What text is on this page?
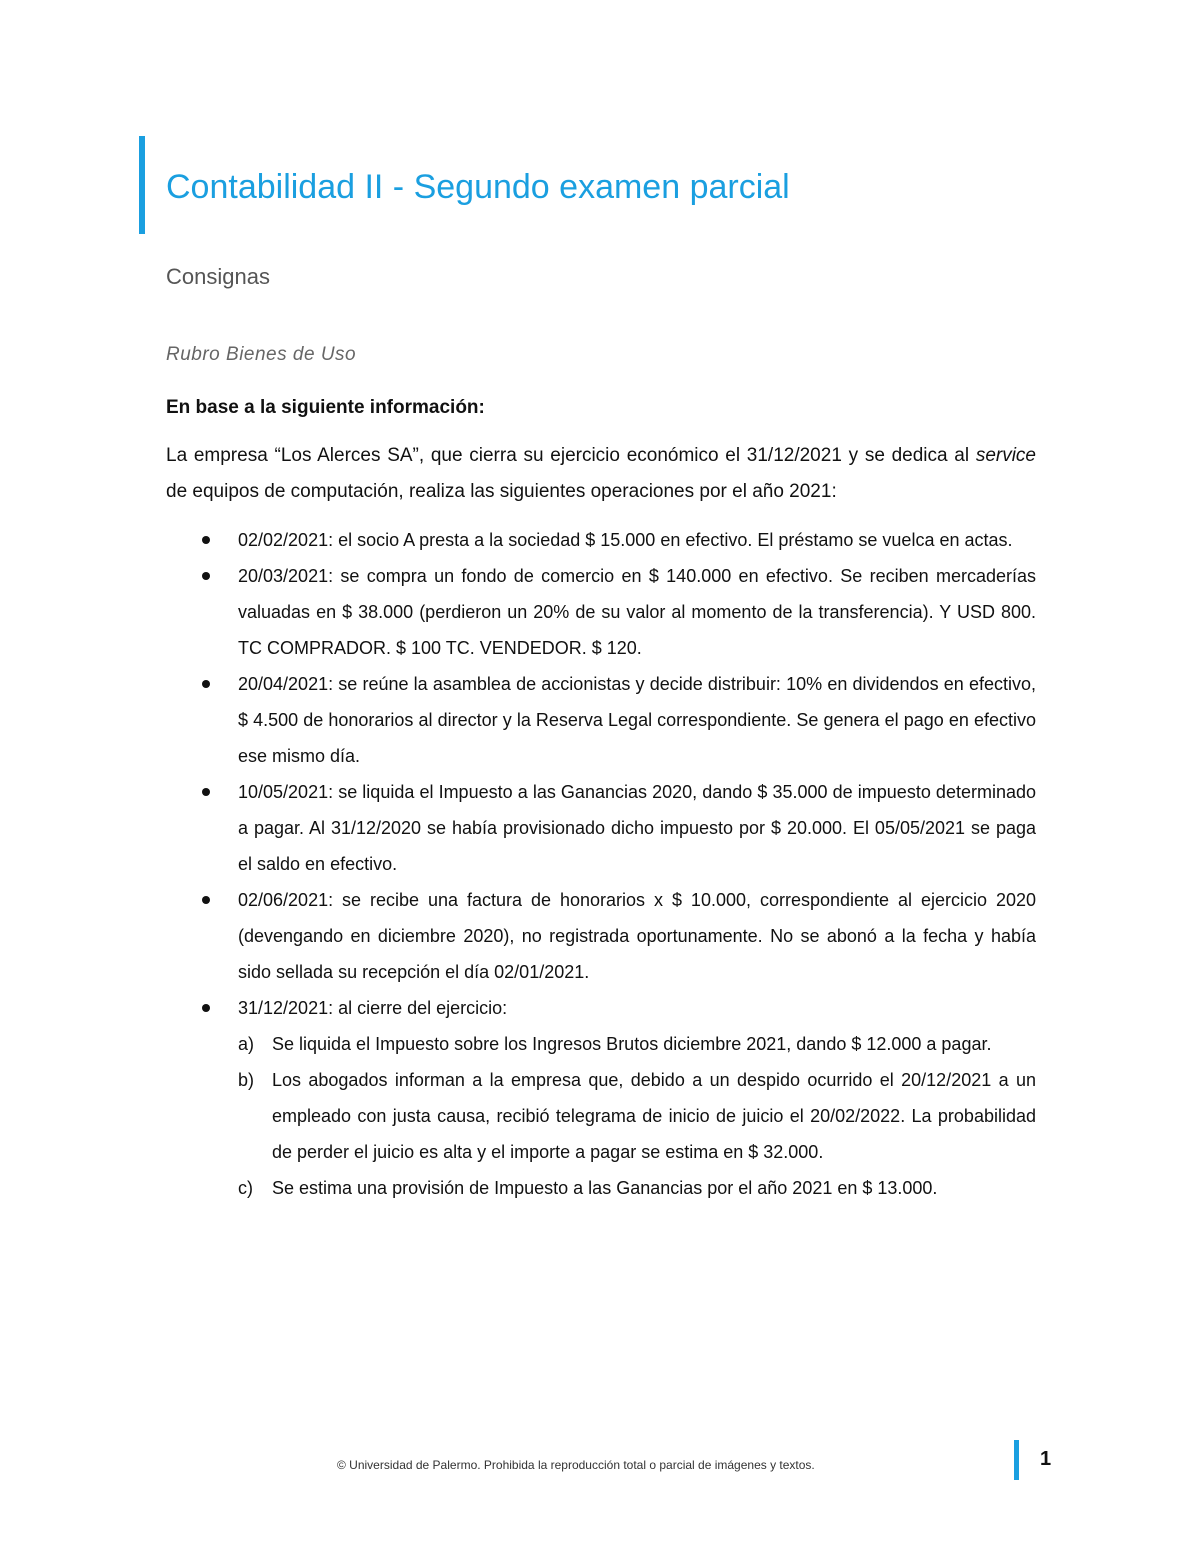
Contabilidad II - Segundo examen parcial
Consignas

Rubro Bienes de Uso

En base a la siguiente información:

La empresa “Los Alerces SA”, que cierra su ejercicio económico el 31/12/2021 y se dedica al service de equipos de computación, realiza las siguientes operaciones por el año 2021:

02/02/2021: el socio A presta a la sociedad $ 15.000 en efectivo. El préstamo se vuelca en actas.
20/03/2021: se compra un fondo de comercio en $ 140.000 en efectivo. Se reciben mercaderías valuadas en $ 38.000 (perdieron un 20% de su valor al momento de la transferencia). Y USD 800. TC COMPRADOR. $ 100 TC. VENDEDOR. $ 120.
20/04/2021: se reúne la asamblea de accionistas y decide distribuir: 10% en dividendos en efectivo, $ 4.500 de honorarios al director y la Reserva Legal correspondiente. Se genera el pago en efectivo ese mismo día.
10/05/2021: se liquida el Impuesto a las Ganancias 2020, dando $ 35.000 de impuesto determinado a pagar. Al 31/12/2020 se había provisionado dicho impuesto por $ 20.000. El 05/05/2021 se paga el saldo en efectivo.
02/06/2021: se recibe una factura de honorarios x $ 10.000, correspondiente al ejercicio 2020 (devengando en diciembre 2020), no registrada oportunamente. No se abonó a la fecha y había sido sellada su recepción el día 02/01/2021.
31/12/2021: al cierre del ejercicio:
a) Se liquida el Impuesto sobre los Ingresos Brutos diciembre 2021, dando $ 12.000 a pagar.
b) Los abogados informan a la empresa que, debido a un despido ocurrido el 20/12/2021 a un empleado con justa causa, recibió telegrama de inicio de juicio el 20/02/2022. La probabilidad de perder el juicio es alta y el importe a pagar se estima en $ 32.000.
c) Se estima una provisión de Impuesto a las Ganancias por el año 2021 en $ 13.000.

© Universidad de Palermo. Prohibida la reproducción total o parcial de imágenes y textos.	1
